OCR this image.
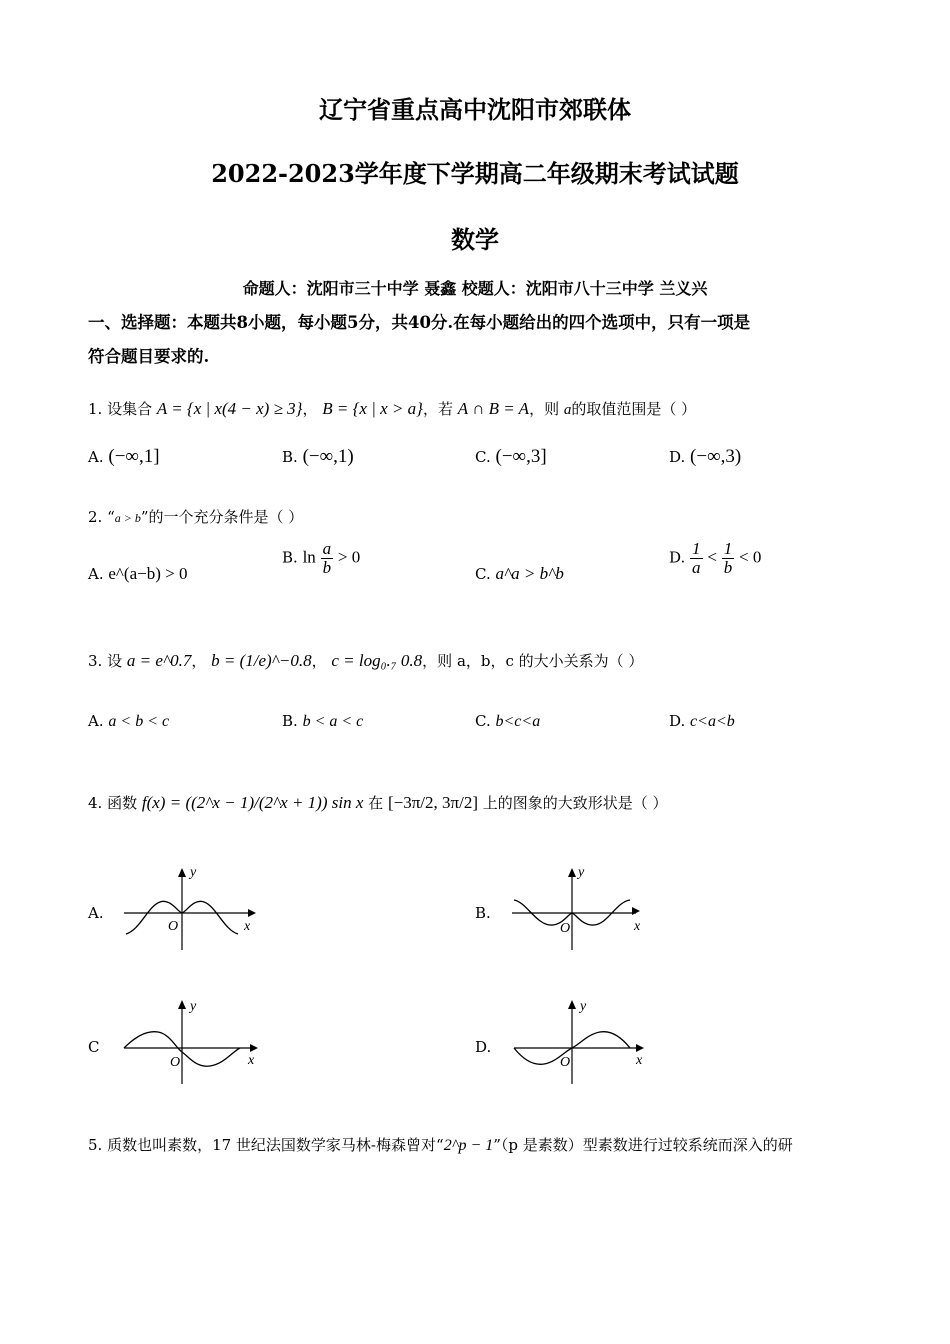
辽宁省重点高中沈阳市郊联体
2022-2023学年度下学期高二年级期末考试试题
数学
命题人：沈阳市三十中学 聂鑫 校题人：沈阳市八十三中学 兰义兴
一、选择题：本题共8小题，每小题5分，共40分.在每小题给出的四个选项中，只有一项是
符合题目要求的.
1. 设集合 A = {x | x(4 − x) ≥ 3}， B = {x | x > a}，若 A ∩ B = A，则 a的取值范围是（ ）
A. (−∞,1]	B. (−∞,1)	C. (−∞,3]	D. (−∞,3)
2. “a > b”的一个充分条件是（ ）
A. e^(a−b) > 0
B. $\ln \frac{a}{b} > 0$
C. a^a > b^b
D. $\frac{1}{a} < \frac{1}{b} < 0$
3. 设 a = e^0.7， b = (1/e)^−0.8， c = log₀.₇ 0.8，则 a，b，c 的大小关系为（ ）
A. a < b < c	B. b < a < c	C. b<c<a	D. c<a<b
4. 函数 f(x) = ((2^x − 1)/(2^x + 1)) sin x 在 [−3π/2, 3π/2] 上的图象的大致形状是（ ）
A.
y
x
O
B.
y
x
O
C
y
x
O
D.
y
x
O
5. 质数也叫素数，17 世纪法国数学家马林-梅森曾对“2^p − 1”（p 是素数）型素数进行过较系统而深入的研
